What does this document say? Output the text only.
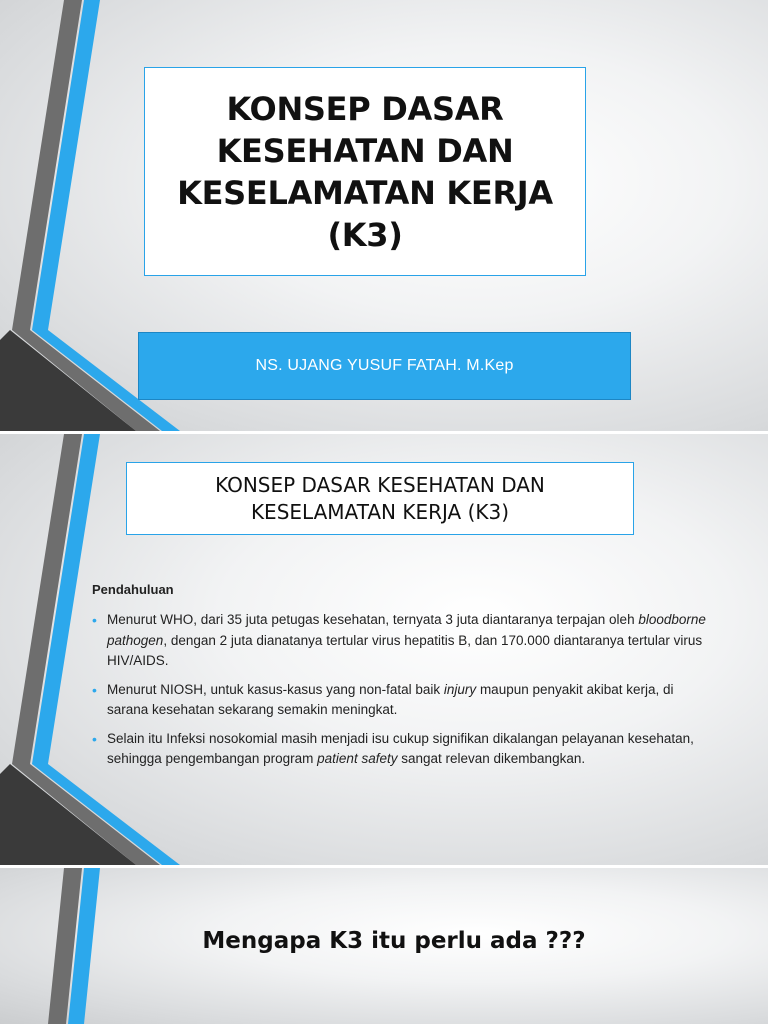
KONSEP DASAR
KESEHATAN DAN
KESELAMATAN KERJA
(K3)
NS. UJANG YUSUF FATAH. M.Kep
KONSEP DASAR KESEHATAN DAN
KESELAMATAN KERJA (K3)
Pendahuluan
• Menurut WHO, dari 35 juta petugas kesehatan, ternyata 3 juta diantaranya terpajan oleh bloodborne pathogen, dengan 2 juta dianatanya tertular virus hepatitis B, dan 170.000 diantaranya tertular virus HIV/AIDS.
• Menurut NIOSH, untuk kasus-kasus yang non-fatal baik injury maupun penyakit akibat kerja, di sarana kesehatan sekarang semakin meningkat.
• Selain itu Infeksi nosokomial masih menjadi isu cukup signifikan dikalangan pelayanan kesehatan, sehingga pengembangan program patient safety sangat relevan dikembangkan.
Mengapa K3 itu perlu ada ???
